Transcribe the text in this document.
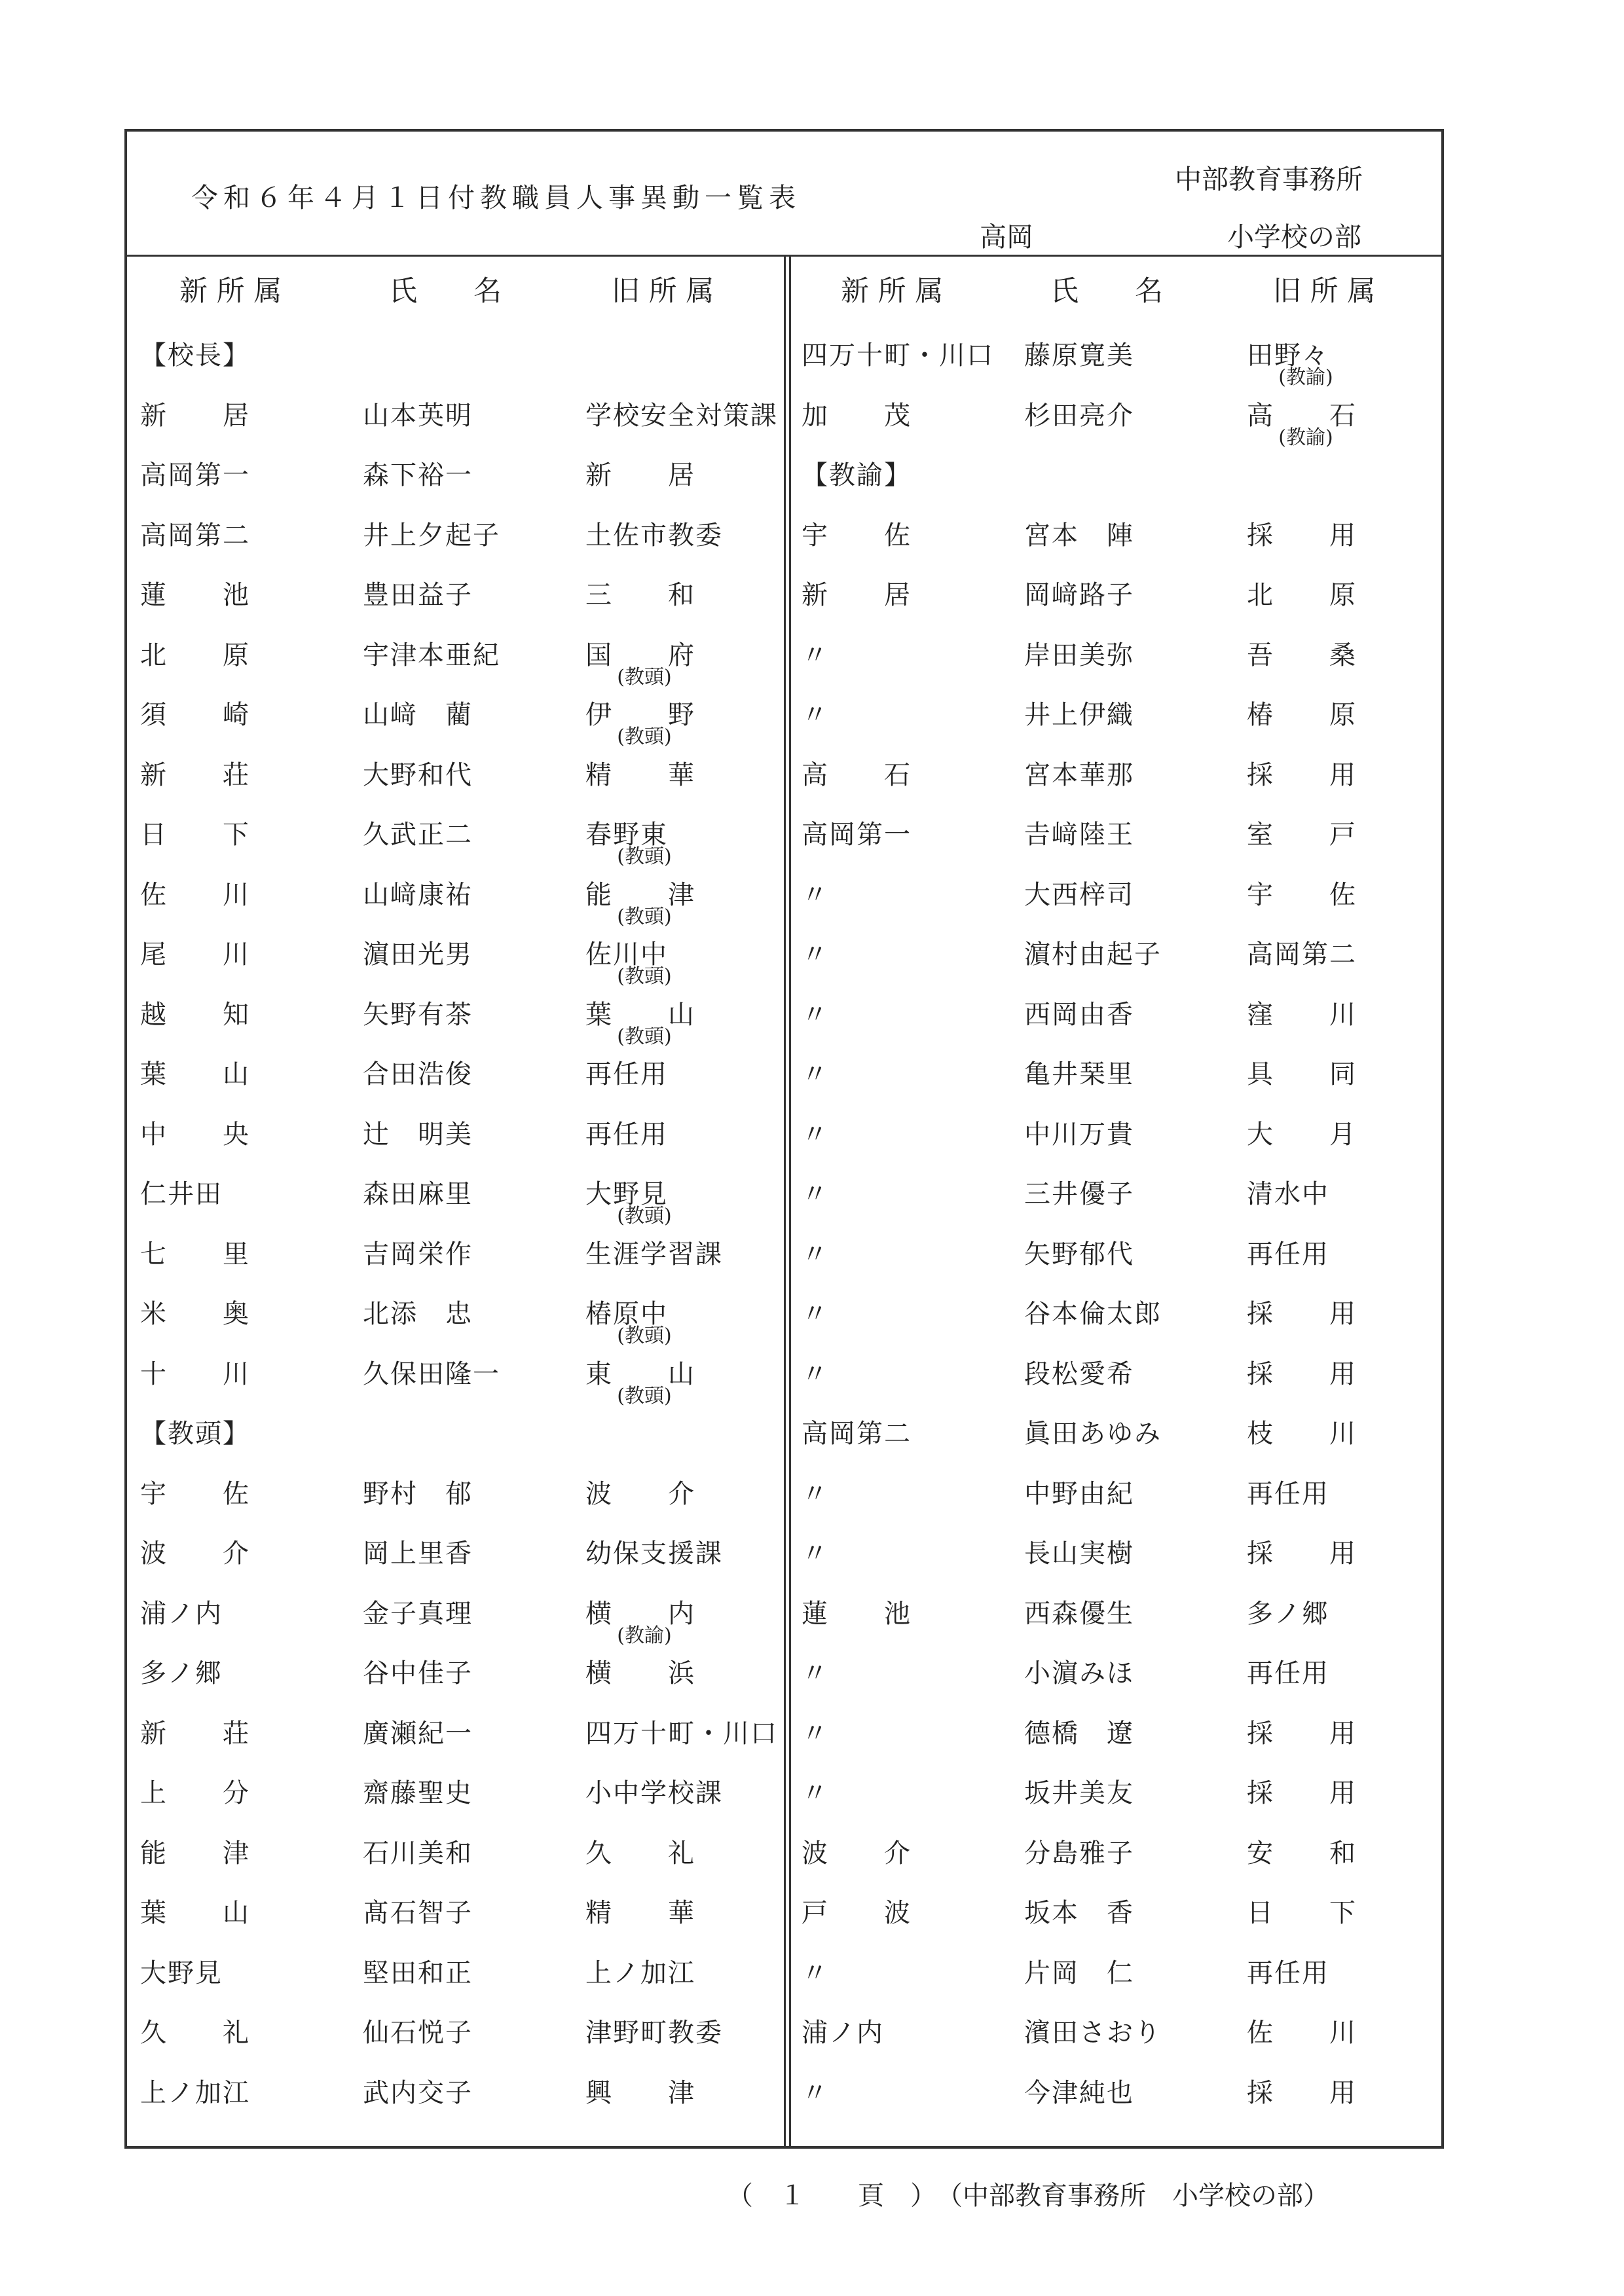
令和６年４月１日付教職員人事異動一覧表
中部教育事務所
高岡	小学校の部
新 所 属	氏　　名	旧 所 属
【校長】
新　　居	山本英明	学校安全対策課
高岡第一	森下裕一	新　　居
高岡第二	井上夕起子	土佐市教委
蓮　　池	豊田益子	三　　和
北　　原	宇津本亜紀	国　　府
(教頭)
須　　崎	山﨑　藺	伊　　野
(教頭)
新　　荘	大野和代	精　　華
日　　下	久武正二	春野東
(教頭)
佐　　川	山﨑康祐	能　　津
(教頭)
尾　　川	濵田光男	佐川中
(教頭)
越　　知	矢野有茶	葉　　山
(教頭)
葉　　山	合田浩俊	再任用
中　　央	辻　明美	再任用
仁井田	森田麻里	大野見
(教頭)
七　　里	吉岡栄作	生涯学習課
米　　奥	北添　忠	椿原中
(教頭)
十　　川	久保田隆一	東　　山
(教頭)
【教頭】
宇　　佐	野村　郁	波　　介
波　　介	岡上里香	幼保支援課
浦ノ内	金子真理	横　　内
(教諭)
多ノ郷	谷中佳子	横　　浜
新　　荘	廣瀬紀一	四万十町・川口
上　　分	齋藤聖史	小中学校課
能　　津	石川美和	久　　礼
葉　　山	髙石智子	精　　華
大野見	堅田和正	上ノ加江
久　　礼	仙石悦子	津野町教委
上ノ加江	武内交子	興　　津
新 所 属	氏　　名	旧 所 属
四万十町・川口 藤原寛美	田野々
(教諭)
加　　茂	杉田亮介	高　　石
(教諭)
【教諭】
宇　　佐	宮本　陣	採　　用
新　　居	岡﨑路子	北　　原
〃	岸田美弥	吾　　桑
〃	井上伊織	椿　　原
高　　石	宮本華那	採　　用
高岡第一	𠮷﨑陸王	室　　戸
〃	大西梓司	宇　　佐
〃	濵村由起子	高岡第二
〃	西岡由香	窪　　川
〃	亀井琹里	具　　同
〃	中川万貴	大　　月
〃	三井優子	清水中
〃	矢野郁代	再任用
〃	谷本倫太郎	採　　用
〃	段松愛希	採　　用
高岡第二	眞田あゆみ	枝　　川
〃	中野由紀	再任用
〃	長山実樹	採　　用
蓮　　池	西森優生	多ノ郷
〃	小濵みほ	再任用
〃	德橋　遼	採　　用
〃	坂井美友	採　　用
波　　介	分島雅子	安　　和
戸　　波	坂本　香	日　　下
〃	片岡　仁	再任用
浦ノ内	濱田さおり	佐　　川
〃	今津純也	採　　用
（　１　　頁　）　（中部教育事務所　小学校の部）
